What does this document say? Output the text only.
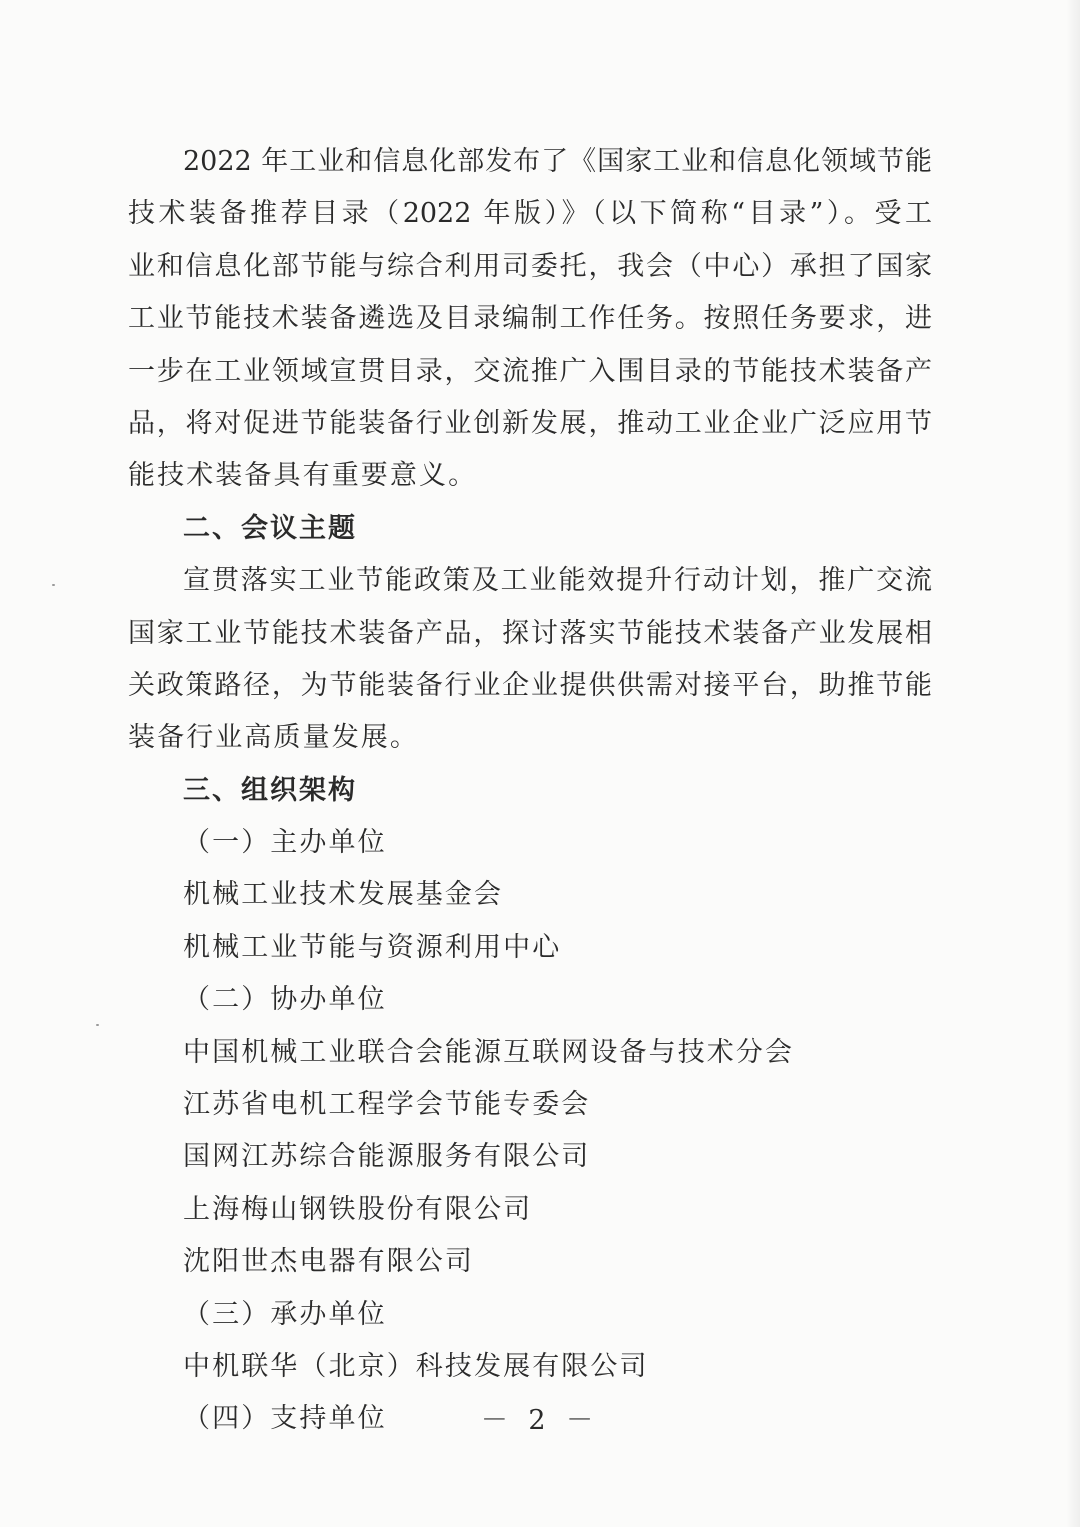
2022 年工业和信息化部发布了《国家工业和信息化领域节能
技术装备推荐目录（2022 年版）》（以下简称“目录”）。受工
业和信息化部节能与综合利用司委托，我会（中心）承担了国家
工业节能技术装备遴选及目录编制工作任务。按照任务要求，进
一步在工业领域宣贯目录，交流推广入围目录的节能技术装备产
品，将对促进节能装备行业创新发展，推动工业企业广泛应用节
能技术装备具有重要意义。
二、会议主题
宣贯落实工业节能政策及工业能效提升行动计划，推广交流
国家工业节能技术装备产品，探讨落实节能技术装备产业发展相
关政策路径，为节能装备行业企业提供供需对接平台，助推节能
装备行业高质量发展。
三、组织架构
（一）主办单位
机械工业技术发展基金会
机械工业节能与资源利用中心
（二）协办单位
中国机械工业联合会能源互联网设备与技术分会
江苏省电机工程学会节能专委会
国网江苏综合能源服务有限公司
上海梅山钢铁股份有限公司
沈阳世杰电器有限公司
（三）承办单位
中机联华（北京）科技发展有限公司
（四）支持单位	－ 2 －
